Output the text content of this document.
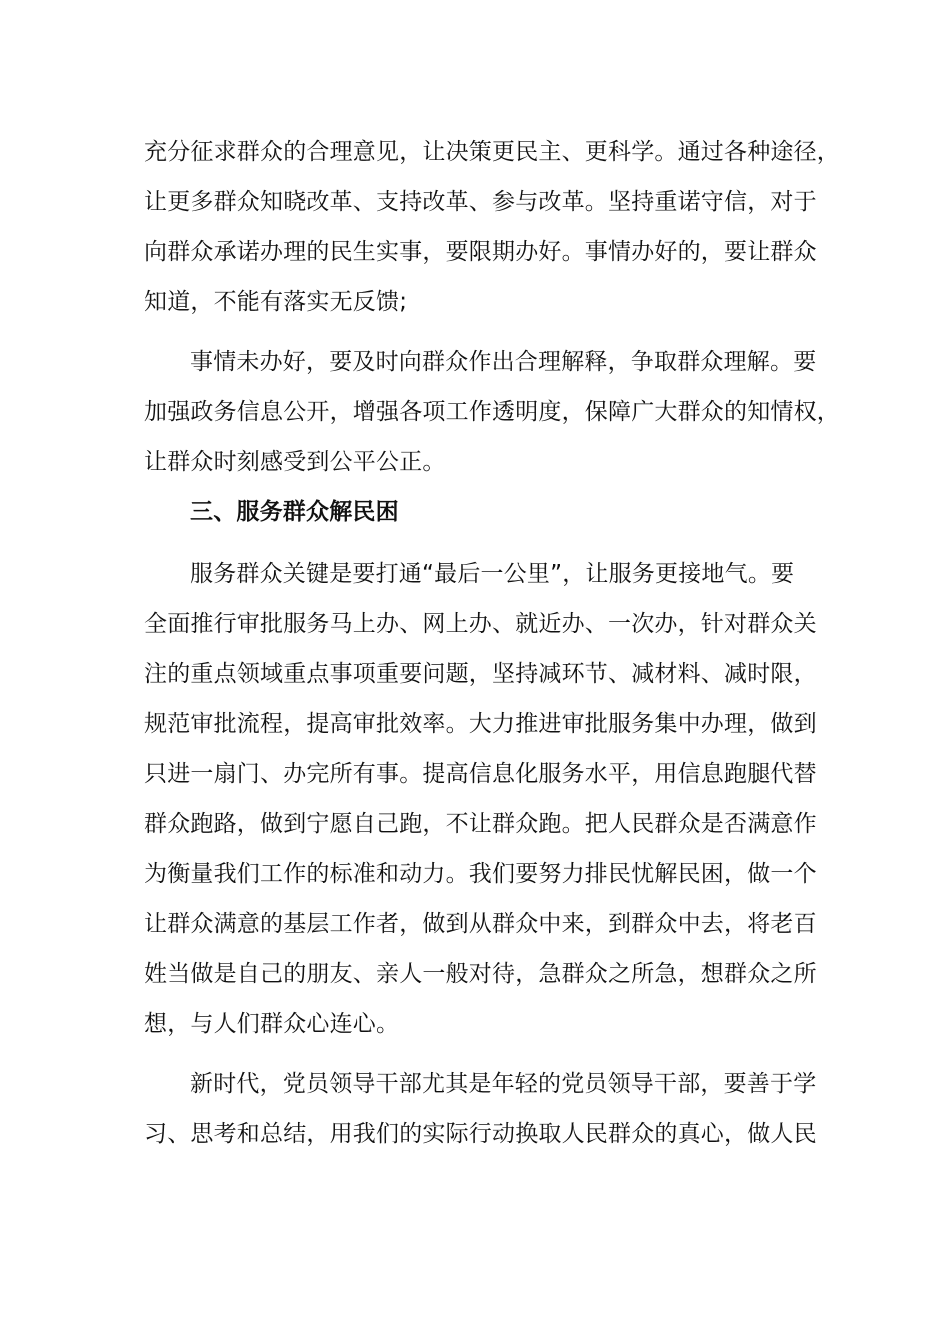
充分征求群众的合理意见，让决策更民主、更科学。通过各种途径，
让更多群众知晓改革、支持改革、参与改革。坚持重诺守信，对于
向群众承诺办理的民生实事，要限期办好。事情办好的，要让群众
知道，不能有落实无反馈;
事情未办好，要及时向群众作出合理解释，争取群众理解。要
加强政务信息公开，增强各项工作透明度，保障广大群众的知情权，
让群众时刻感受到公平公正。
三、服务群众解民困
服务群众关键是要打通“最后一公里”，让服务更接地气。要
全面推行审批服务马上办、网上办、就近办、一次办，针对群众关
注的重点领域重点事项重要问题，坚持减环节、减材料、减时限，
规范审批流程，提高审批效率。大力推进审批服务集中办理，做到
只进一扇门、办完所有事。提高信息化服务水平，用信息跑腿代替
群众跑路，做到宁愿自己跑，不让群众跑。把人民群众是否满意作
为衡量我们工作的标准和动力。我们要努力排民忧解民困，做一个
让群众满意的基层工作者，做到从群众中来，到群众中去，将老百
姓当做是自己的朋友、亲人一般对待，急群众之所急，想群众之所
想，与人们群众心连心。
新时代，党员领导干部尤其是年轻的党员领导干部，要善于学
习、思考和总结，用我们的实际行动换取人民群众的真心，做人民
